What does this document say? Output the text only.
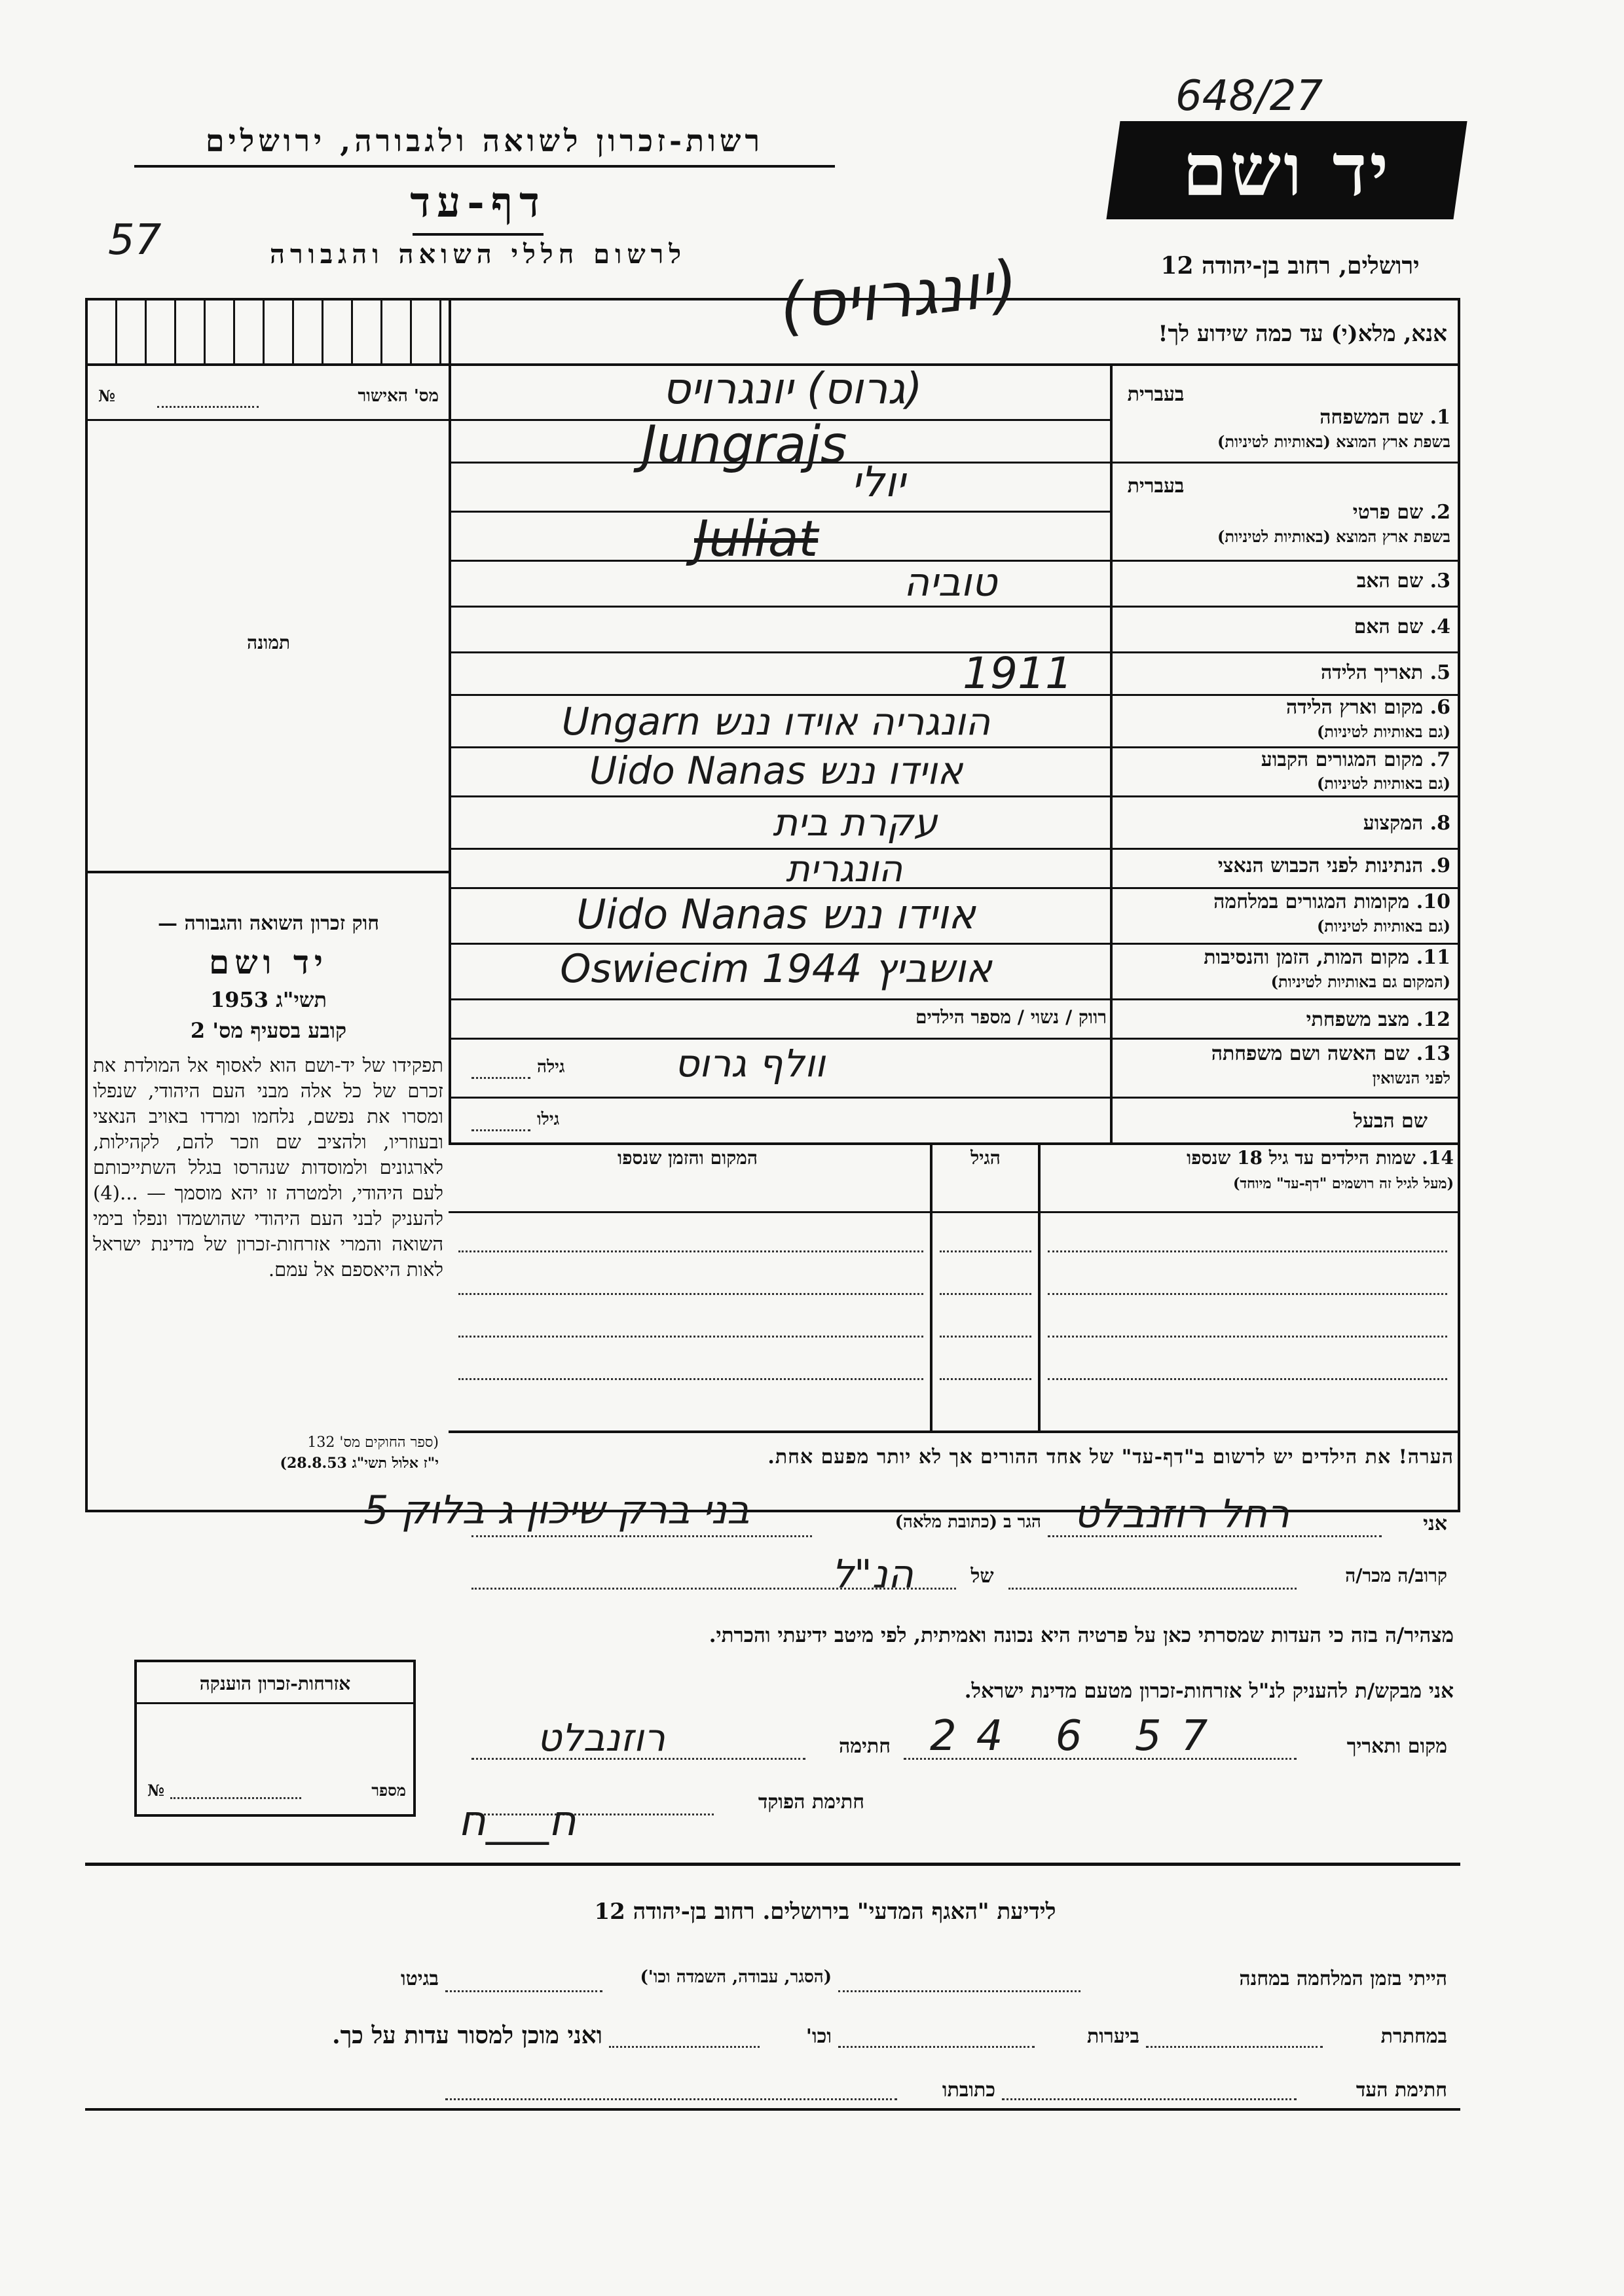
648/27
57
רשות-זכרון לשואה ולגבורה, ירושלים
דף-עד
לרשום חללי השואה והגבורה
יד ושם
ירושלים, רחוב בן-יהודה 12
אנא, מלא(י) עד כמה שידוע לך!
(יונגרויס)
מס' האישור
№
תמונה
חוק זכרון השואה והגבורה —
יד ושם
תשי"ג 1953
קובע בסעיף מס' 2
תפקידו של יד-ושם הוא לאסוף אל המולדת את זכרם של כל אלה מבני העם היהודי, שנפלו ומסרו את נפשם, נלחמו ומרדו באויב הנאצי ובעוזריו, ולהציב שם וזכר להם, לקהילות, לארגונים ולמוסדות שנהרסו בגלל השתייכותם לעם היהודי, ולמטרה זו יהא מוסמך — ...(4) להעניק לבני העם היהודי שהושמדו ונפלו בימי השואה והמרי אזרחות-זכרון של מדינת ישראל לאות היאספם אל עמם.
(ספר החוקים מס' 132
י"ז אלול תשי"ג 28.8.53)
בעברית
1. שם המשפחה
בשפת ארץ המוצא (באותיות לטיניות)
בעברית
2. שם פרטי
בשפת ארץ המוצא (באותיות לטיניות)
3. שם האב
4. שם האם
5. תאריך הלידה
6. מקום וארץ הלידה
(גם באותיות לטיניות)
7. מקום המגורים הקבוע
(גם באותיות לטיניות)
8. המקצוע
9. הנתינות לפני הכבוש הנאצי
10. מקומות המגורים במלחמה
(גם באותיות לטיניות)
11. מקום המות, הזמן והנסיבות
(המקום גם באותיות לטיניות)
12. מצב משפחתי
13. שם האשה ושם משפחתה
לפני הנשואין
שם הבעל
(גרוס) יונגרויס
Jungrajs
יולי
Juliat
טוביה
1911
הונגריה אוידו ננש Ungarn
אוידו ננש Uido Nanas
עקרת בית
הונגרית
אוידו ננש Uido Nanas
אושביץ 1944 Oswiecim
רווק / נשוי / מספר הילדים
וולף גרוס
גילה
גילו
14. שמות הילדים עד גיל 18 שנספו
(מעל לגיל זה רושמים "דף-עד" מיוחד)
הגיל
המקום והזמן שנספו
הערה! את הילדים יש לרשום ב"דף-עד" של אחד ההורים אך לא יותר מפעם אחת.
אני
רחל רוזנבלט
הגר ב (כתובת מלאה)
בני ברק שיכון ג בלוק 5
קרוב/ה מכר/ה
של
הנ"ל
מצהיר/ה בזה כי העדות שמסרתי כאן על פרטיה היא נכונה ואמיתית, לפי מיטב ידיעתי והכרתי.
אני מבקש/ת להעניק לנ"ל אזרחות-זכרון מטעם מדינת ישראל.
מקום ותאריך
24 6 57
חתימה
רוזנבלט
חתימת הפוקד
ח___ח
אזרחות-זכרון הוענקה
מספר
№
לידיעת "האגף המדעי" בירושלים. רחוב בן-יהודה 12
הייתי בזמן המלחמה במחנה
(הסגר, עבודה, השמדה וכו')
בגיטו
במחתרת
ביערות
וכו'
ואני מוכן למסור עדות על כך.
חתימת העד
כתובתו
